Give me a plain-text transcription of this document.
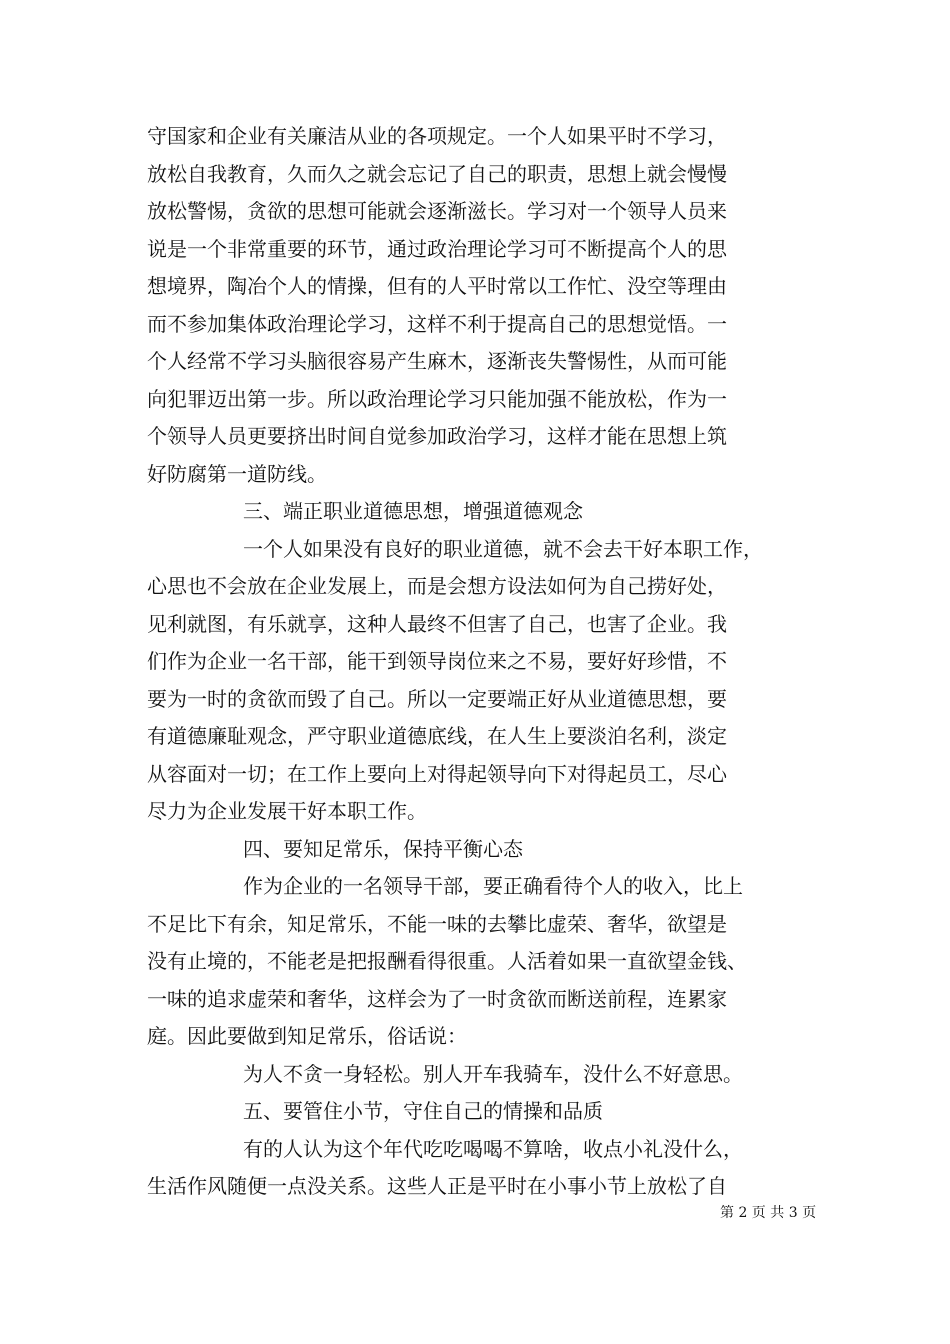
守国家和企业有关廉洁从业的各项规定。一个人如果平时不学习，
放松自我教育，久而久之就会忘记了自己的职责，思想上就会慢慢
放松警惕，贪欲的思想可能就会逐渐滋长。学习对一个领导人员来
说是一个非常重要的环节，通过政治理论学习可不断提高个人的思
想境界，陶冶个人的情操，但有的人平时常以工作忙、没空等理由
而不参加集体政治理论学习，这样不利于提高自己的思想觉悟。一
个人经常不学习头脑很容易产生麻木，逐渐丧失警惕性，从而可能
向犯罪迈出第一步。所以政治理论学习只能加强不能放松，作为一
个领导人员更要挤出时间自觉参加政治学习，这样才能在思想上筑
好防腐第一道防线。
三、端正职业道德思想，增强道德观念
一个人如果没有良好的职业道德，就不会去干好本职工作，
心思也不会放在企业发展上，而是会想方设法如何为自己捞好处，
见利就图，有乐就享，这种人最终不但害了自己，也害了企业。我
们作为企业一名干部，能干到领导岗位来之不易，要好好珍惜，不
要为一时的贪欲而毁了自己。所以一定要端正好从业道德思想，要
有道德廉耻观念，严守职业道德底线，在人生上要淡泊名利，淡定
从容面对一切；在工作上要向上对得起领导向下对得起员工，尽心
尽力为企业发展干好本职工作。
四、要知足常乐，保持平衡心态
作为企业的一名领导干部，要正确看待个人的收入，比上
不足比下有余，知足常乐，不能一味的去攀比虚荣、奢华，欲望是
没有止境的，不能老是把报酬看得很重。人活着如果一直欲望金钱、
一味的追求虚荣和奢华，这样会为了一时贪欲而断送前程，连累家
庭。因此要做到知足常乐，俗话说：
为人不贪一身轻松。别人开车我骑车，没什么不好意思。
五、要管住小节，守住自己的情操和品质
有的人认为这个年代吃吃喝喝不算啥，收点小礼没什么，
生活作风随便一点没关系。这些人正是平时在小事小节上放松了自
第 2 页 共 3 页
